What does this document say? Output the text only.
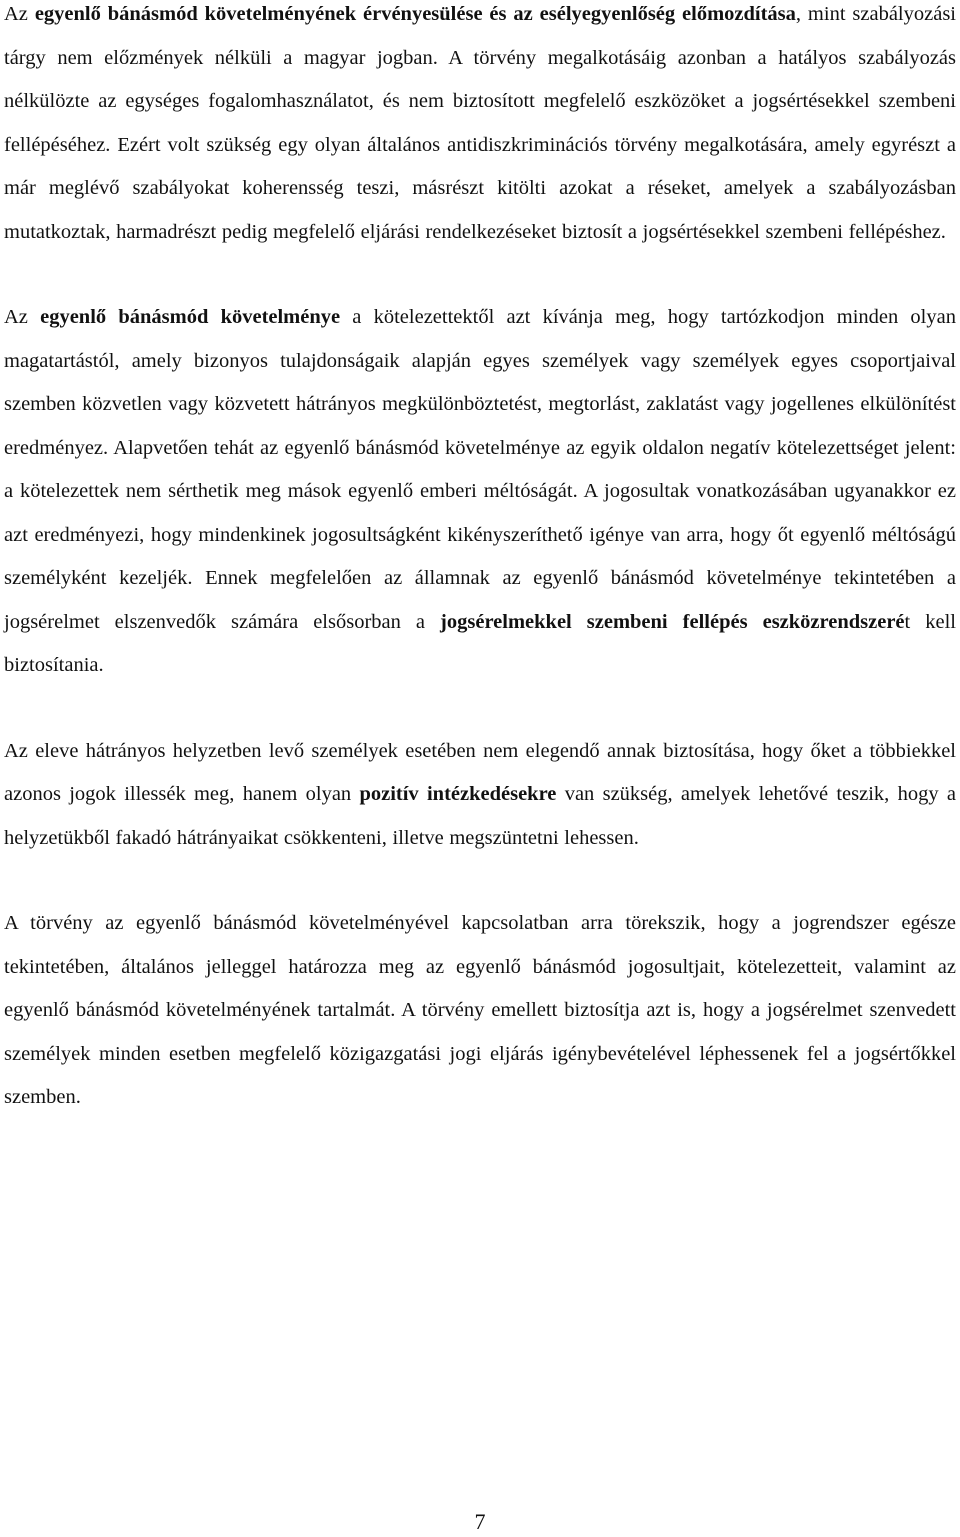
Az egyenlő bánásmód követelményének érvényesülése és az esélyegyenlőség előmozdítása, mint szabályozási tárgy nem előzmények nélküli a magyar jogban. A törvény megalkotásáig azonban a hatályos szabályozás nélkülözte az egységes fogalomhasználatot, és nem biztosított megfelelő eszközöket a jogsértésekkel szembeni fellépéséhez. Ezért volt szükség egy olyan általános antidiszkriminációs törvény megalkotására, amely egyrészt a már meglévő szabályokat koherensség teszi, másrészt kitölti azokat a réseket, amelyek a szabályozásban mutatkoztak, harmadrészt pedig megfelelő eljárási rendelkezéseket biztosít a jogsértésekkel szembeni fellépéshez.

Az egyenlő bánásmód követelménye a kötelezettektől azt kívánja meg, hogy tartózkodjon minden olyan magatartástól, amely bizonyos tulajdonságaik alapján egyes személyek vagy személyek egyes csoportjaival szemben közvetlen vagy közvetett hátrányos megkülönböztetést, megtorlást, zaklatást vagy jogellenes elkülönítést eredményez. Alapvetően tehát az egyenlő bánásmód követelménye az egyik oldalon negatív kötelezettséget jelent: a kötelezettek nem sérthetik meg mások egyenlő emberi méltóságát. A jogosultak vonatkozásában ugyanakkor ez azt eredményezi, hogy mindenkinek jogosultságként kikényszeríthető igénye van arra, hogy őt egyenlő méltóságú személyként kezeljék. Ennek megfelelően az államnak az egyenlő bánásmód követelménye tekintetében a jogsérelmet elszenvedők számára elsősorban a jogsérelmekkel szembeni fellépés eszközrendszerét kell biztosítania.

Az eleve hátrányos helyzetben levő személyek esetében nem elegendő annak biztosítása, hogy őket a többiekkel azonos jogok illessék meg, hanem olyan pozitív intézkedésekre van szükség, amelyek lehetővé teszik, hogy a helyzetükből fakadó hátrányaikat csökkenteni, illetve megszüntetni lehessen.

A törvény az egyenlő bánásmód követelményével kapcsolatban arra törekszik, hogy a jogrendszer egésze tekintetében, általános jelleggel határozza meg az egyenlő bánásmód jogosultjait, kötelezetteit, valamint az egyenlő bánásmód követelményének tartalmát. A törvény emellett biztosítja azt is, hogy a jogsérelmet szenvedett személyek minden esetben megfelelő közigazgatási jogi eljárás igénybevételével léphessenek fel a jogsértőkkel szemben.

7
